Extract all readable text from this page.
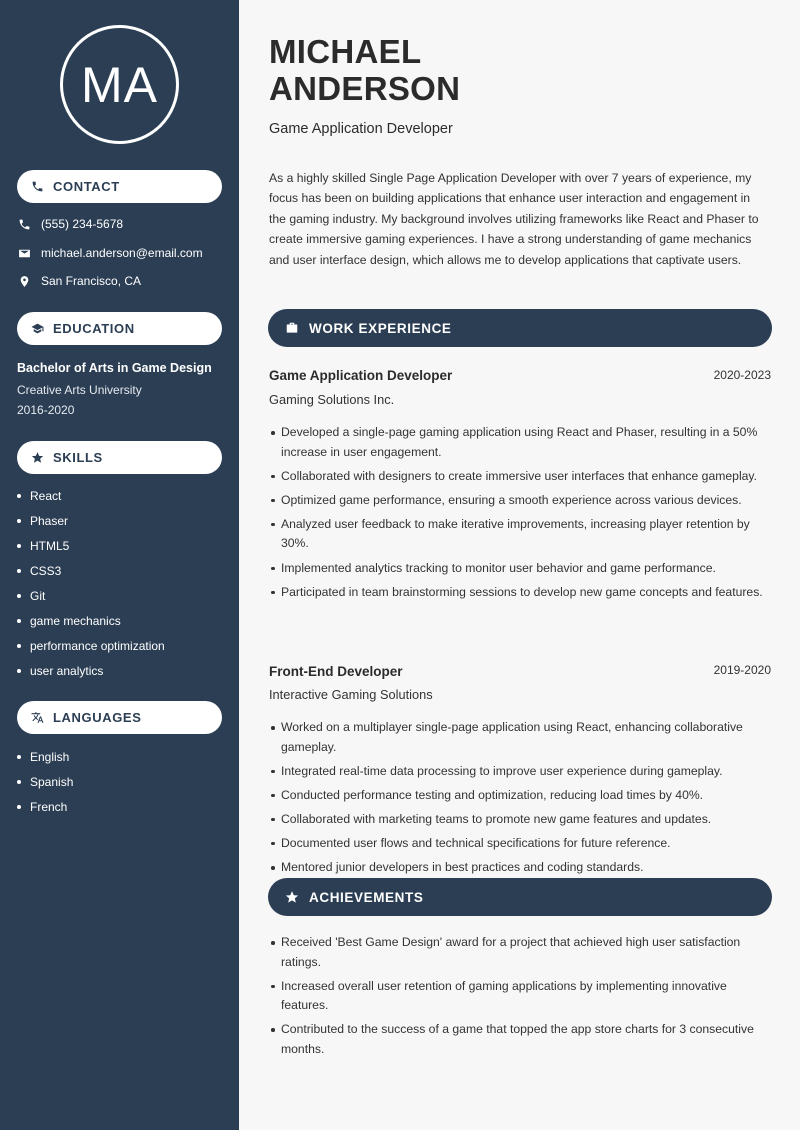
MA
CONTACT
(555) 234-5678
michael.anderson@email.com
San Francisco, CA
EDUCATION
Bachelor of Arts in Game Design
Creative Arts University
2016-2020
SKILLS
React
Phaser
HTML5
CSS3
Git
game mechanics
performance optimization
user analytics
LANGUAGES
English
Spanish
French
MICHAEL
ANDERSON
Game Application Developer

As a highly skilled Single Page Application Developer with over 7 years of experience, my focus has been on building applications that enhance user interaction and engagement in the gaming industry. My background involves utilizing frameworks like React and Phaser to create immersive gaming experiences. I have a strong understanding of game mechanics and user interface design, which allows me to develop applications that captivate users.

WORK EXPERIENCE
Game Application Developer	2020-2023
Gaming Solutions Inc.
Developed a single-page gaming application using React and Phaser, resulting in a 50% increase in user engagement.
Collaborated with designers to create immersive user interfaces that enhance gameplay.
Optimized game performance, ensuring a smooth experience across various devices.
Analyzed user feedback to make iterative improvements, increasing player retention by 30%.
Implemented analytics tracking to monitor user behavior and game performance.
Participated in team brainstorming sessions to develop new game concepts and features.
Front-End Developer	2019-2020
Interactive Gaming Solutions
Worked on a multiplayer single-page application using React, enhancing collaborative gameplay.
Integrated real-time data processing to improve user experience during gameplay.
Conducted performance testing and optimization, reducing load times by 40%.
Collaborated with marketing teams to promote new game features and updates.
Documented user flows and technical specifications for future reference.
Mentored junior developers in best practices and coding standards.
ACHIEVEMENTS
Received 'Best Game Design' award for a project that achieved high user satisfaction ratings.
Increased overall user retention of gaming applications by implementing innovative features.
Contributed to the success of a game that topped the app store charts for 3 consecutive months.
